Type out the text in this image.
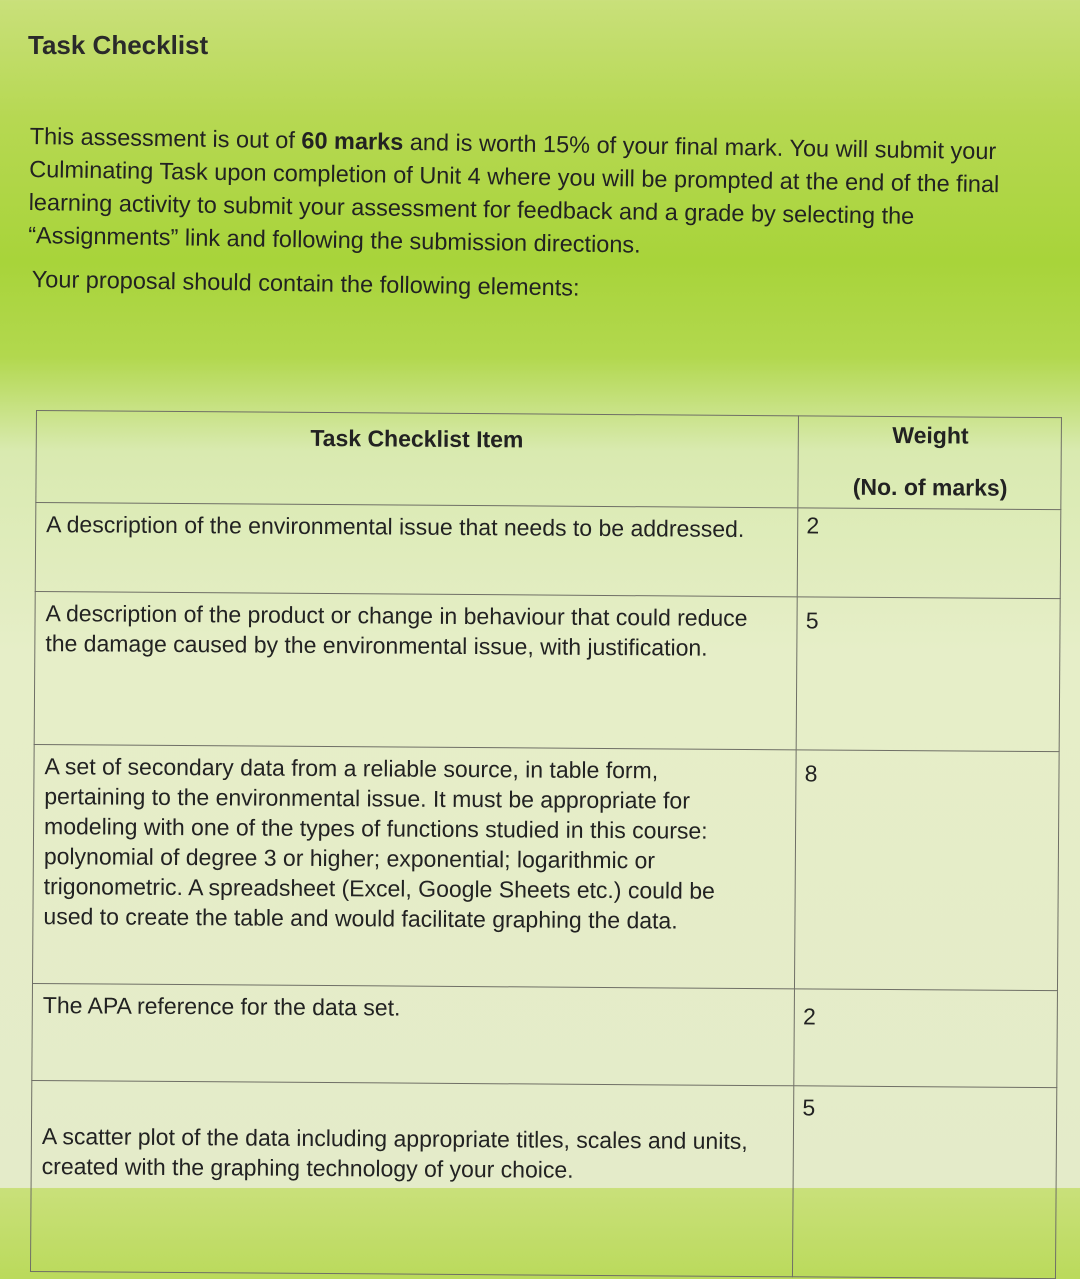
Task Checklist

This assessment is out of 60 marks and is worth 15% of your final mark. You will submit your Culminating Task upon completion of Unit 4 where you will be prompted at the end of the final learning activity to submit your assessment for feedback and a grade by selecting the “Assignments” link and following the submission directions.

Your proposal should contain the following elements:

Task Checklist Item	Weight
(No. of marks)

A description of the environmental issue that needs to be addressed.	2

A description of the product or change in behaviour that could reduce the damage caused by the environmental issue, with justification.	5

A set of secondary data from a reliable source, in table form, pertaining to the environmental issue. It must be appropriate for modeling with one of the types of functions studied in this course: polynomial of degree 3 or higher; exponential; logarithmic or trigonometric. A spreadsheet (Excel, Google Sheets etc.) could be used to create the table and would facilitate graphing the data.	8

The APA reference for the data set.	2

A scatter plot of the data including appropriate titles, scales and units, created with the graphing technology of your choice.	5
